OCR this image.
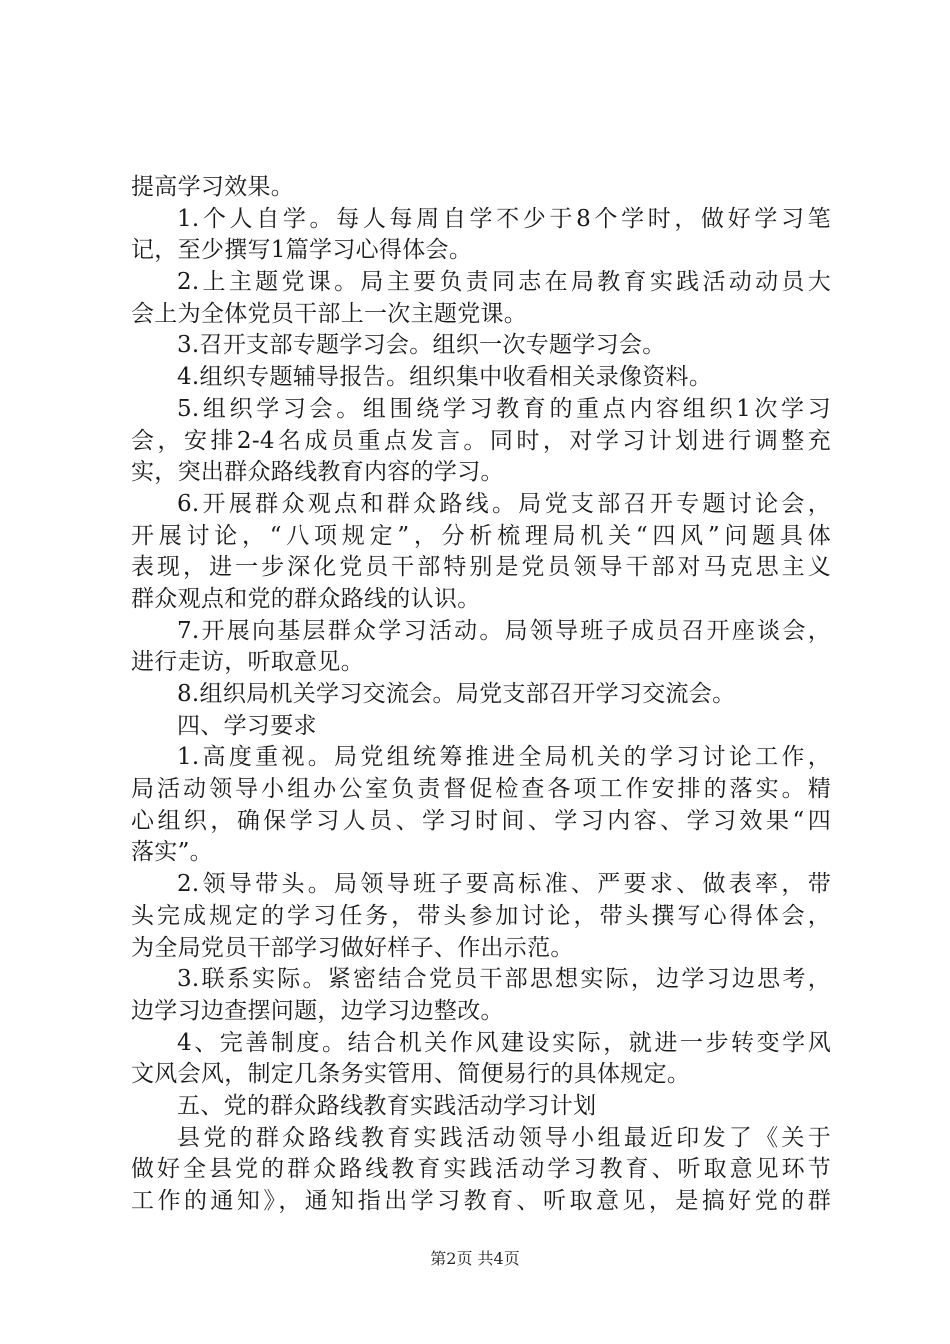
提高学习效果。
1.个人自学。每人每周自学不少于8个学时，做好学习笔
记，至少撰写1篇学习心得体会。
2.上主题党课。局主要负责同志在局教育实践活动动员大
会上为全体党员干部上一次主题党课。
3.召开支部专题学习会。组织一次专题学习会。
4.组织专题辅导报告。组织集中收看相关录像资料。
5.组织学习会。组围绕学习教育的重点内容组织1次学习
会，安排2-4名成员重点发言。同时，对学习计划进行调整充
实，突出群众路线教育内容的学习。
6.开展群众观点和群众路线。局党支部召开专题讨论会，
开展讨论，“八项规定”，分析梳理局机关“四风”问题具体
表现，进一步深化党员干部特别是党员领导干部对马克思主义
群众观点和党的群众路线的认识。
7.开展向基层群众学习活动。局领导班子成员召开座谈会，
进行走访，听取意见。
8.组织局机关学习交流会。局党支部召开学习交流会。
四、学习要求
1.高度重视。局党组统筹推进全局机关的学习讨论工作，
局活动领导小组办公室负责督促检查各项工作安排的落实。精
心组织，确保学习人员、学习时间、学习内容、学习效果“四
落实”。
2.领导带头。局领导班子要高标准、严要求、做表率，带
头完成规定的学习任务，带头参加讨论，带头撰写心得体会，
为全局党员干部学习做好样子、作出示范。
3.联系实际。紧密结合党员干部思想实际，边学习边思考，
边学习边查摆问题，边学习边整改。
4、完善制度。结合机关作风建设实际，就进一步转变学风
文风会风，制定几条务实管用、简便易行的具体规定。
五、党的群众路线教育实践活动学习计划
县党的群众路线教育实践活动领导小组最近印发了《关于
做好全县党的群众路线教育实践活动学习教育、听取意见环节
工作的通知》，通知指出学习教育、听取意见，是搞好党的群
第2页 共4页
